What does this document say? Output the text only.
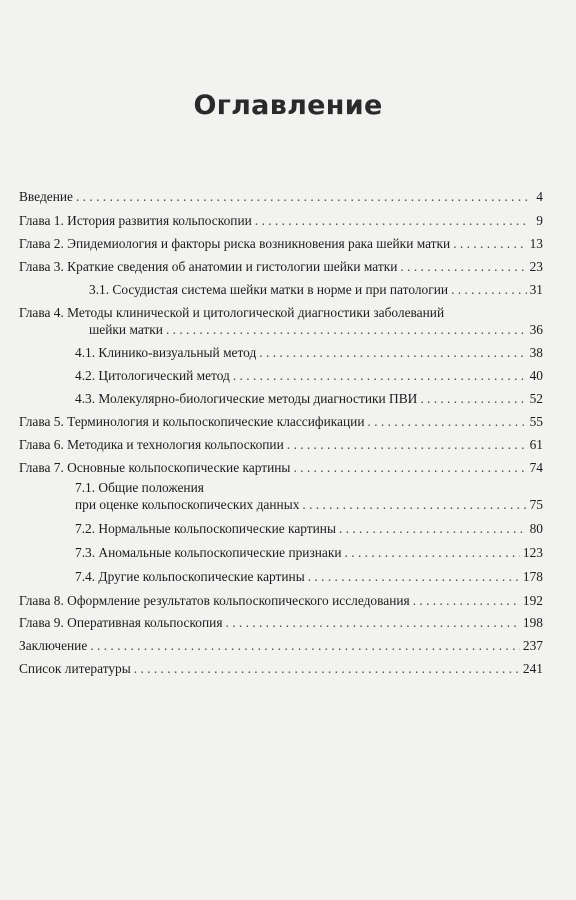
Оглавление
Введение . . .	4
Глава 1. История развития кольпоскопии . . .	9
Глава 2. Эпидемиология и факторы риска возникновения рака шейки матки . . .	13
Глава 3. Краткие сведения об анатомии и гистологии шейки матки . . .	23
3.1. Сосудистая система шейки матки в норме и при патологии . . .	31
Глава 4. Методы клинической и цитологической диагностики заболеваний
шейки матки . . .	36
4.1. Клинико-визуальный метод . . .	38
4.2. Цитологический метод . . .	40
4.3. Молекулярно-биологические методы диагностики ПВИ . . .	52
Глава 5. Терминология и кольпоскопические классификации . . .	55
Глава 6. Методика и технология кольпоскопии . . .	61
Глава 7. Основные кольпоскопические картины . . .	74
7.1. Общие положения
при оценке кольпоскопических данных . . .	75
7.2. Нормальные кольпоскопические картины . . .	80
7.3. Аномальные кольпоскопические признаки . . .	123
7.4. Другие кольпоскопические картины . . .	178
Глава 8. Оформление результатов кольпоскопического исследования . . .	192
Глава 9. Оперативная кольпоскопия . . .	198
Заключение . . .	237
Список литературы . . .	241
